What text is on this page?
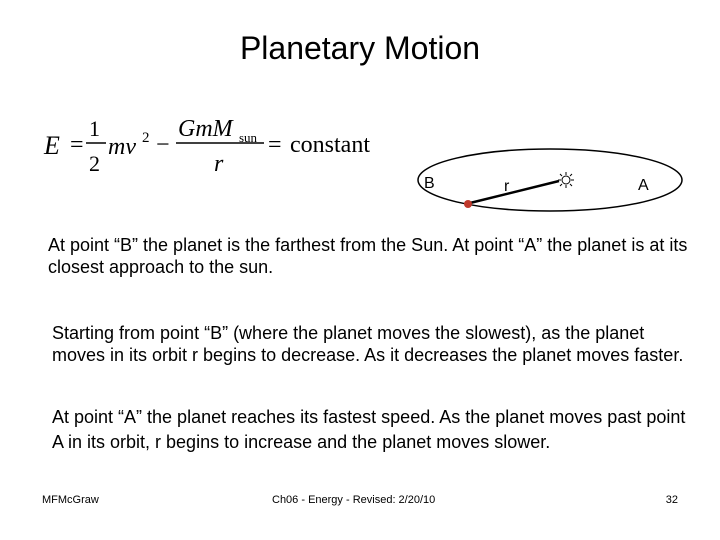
Planetary Motion
E =
1
2
mv 2 −
GmM sun
r
= constant
B	r	A

At point “B” the planet is the farthest from the Sun. At point “A” the planet is at its closest approach to the sun.

Starting from point “B” (where the planet moves the slowest), as the planet moves in its orbit r begins to decrease. As it decreases the planet moves faster.

At point “A” the planet reaches its fastest speed. As the planet moves past point A in its orbit, r begins to increase and the planet moves slower.

MFMcGraw	Ch06 - Energy - Revised: 2/20/10	32
